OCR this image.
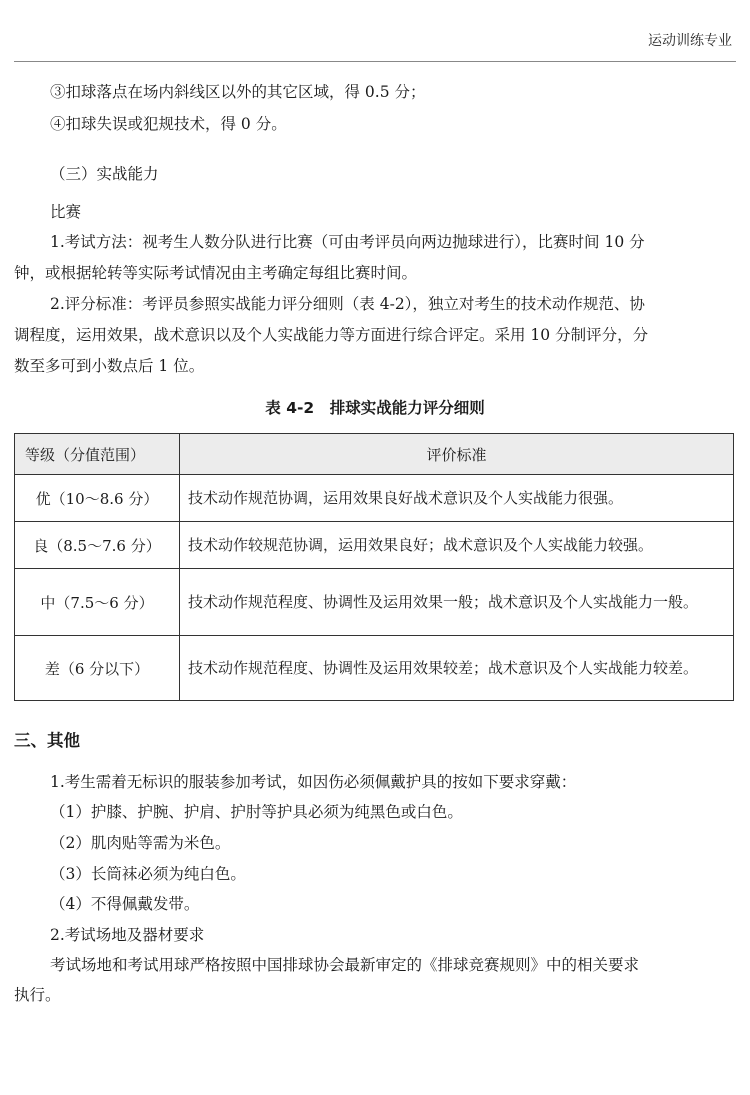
运动训练专业
③扣球落点在场内斜线区以外的其它区域，得 0.5 分；
④扣球失误或犯规技术，得 0 分。
（三）实战能力
比赛
1.考试方法：视考生人数分队进行比赛（可由考评员向两边抛球进行），比赛时间 10 分
钟，或根据轮转等实际考试情况由主考确定每组比赛时间。
2.评分标准：考评员参照实战能力评分细则（表 4-2），独立对考生的技术动作规范、协
调程度，运用效果，战术意识以及个人实战能力等方面进行综合评定。采用 10 分制评分，分
数至多可到小数点后 1 位。
表 4-2　排球实战能力评分细则
等级（分值范围）	评价标准
优（10～8.6 分）	技术动作规范协调，运用效果良好战术意识及个人实战能力很强。
良（8.5～7.6 分）	技术动作较规范协调，运用效果良好；战术意识及个人实战能力较强。
中（7.5～6 分）	技术动作规范程度、协调性及运用效果一般；战术意识及个人实战能力一般。
差（6 分以下）	技术动作规范程度、协调性及运用效果较差；战术意识及个人实战能力较差。
三、其他
1.考生需着无标识的服装参加考试，如因伤必须佩戴护具的按如下要求穿戴：
（1）护膝、护腕、护肩、护肘等护具必须为纯黑色或白色。
（2）肌肉贴等需为米色。
（3）长筒袜必须为纯白色。
（4）不得佩戴发带。
2.考试场地及器材要求
考试场地和考试用球严格按照中国排球协会最新审定的《排球竞赛规则》中的相关要求
执行。
